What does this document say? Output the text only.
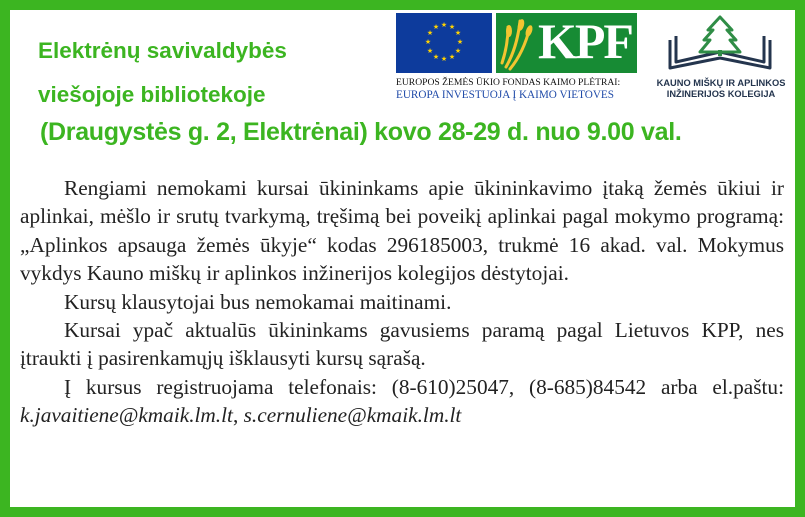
Elektrėnų savivaldybės
viešojoje bibliotekoje
(Draugystės g. 2, Elektrėnai) kovo 28-29 d. nuo 9.00 val.
★ ★
★
★
★
★
★
★
★
★
★
★ KPF
EUROPOS ŽEMĖS ŪKIO FONDAS KAIMO PLĖTRAI:
EUROPA INVESTUOJA Į KAIMO VIETOVES
KAUNO MIŠKŲ IR APLINKOS
INŽINERIJOS KOLEGIJA

Rengiami nemokami kursai ūkininkams apie ūkininkavimo įtaką žemės ūkiui ir aplinkai, mėšlo ir srutų tvarkymą, tręšimą bei poveikį aplinkai pagal mokymo programą: „Aplinkos apsauga žemės ūkyje“ kodas 296185003, trukmė 16 akad. val. Mokymus vykdys Kauno miškų ir aplinkos inžinerijos kolegijos dėstytojai.

Kursų klausytojai bus nemokamai maitinami.

Kursai ypač aktualūs ūkininkams gavusiems paramą pagal Lietuvos KPP, nes įtraukti į pasirenkamųjų išklausyti kursų sąrašą.

Į kursus registruojama telefonais: (8-610)25047, (8-685)84542 arba el.paštu: k.javaitiene@kmaik.lm.lt, s.cernuliene@kmaik.lm.lt
